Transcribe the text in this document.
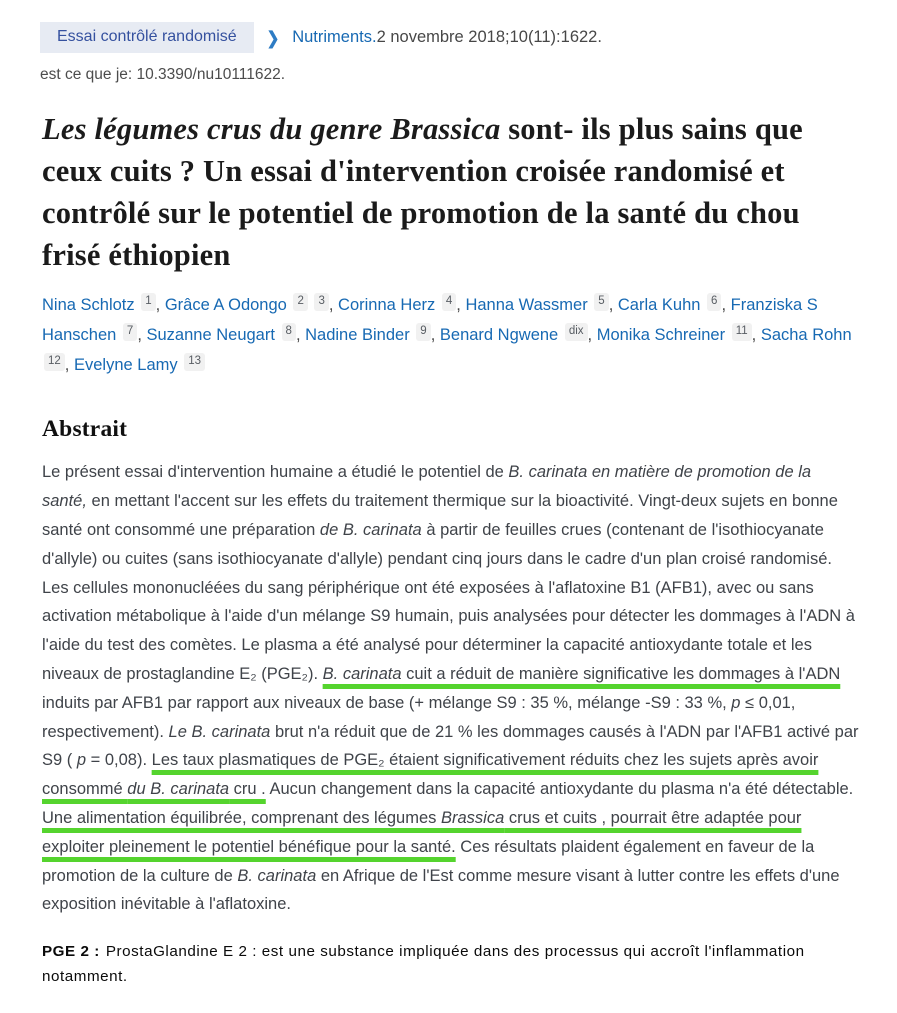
Essai contrôlé randomisé	❯ Nutriments.2 novembre 2018;10(11):1622.
est ce que je: 10.3390/nu10111622.
Les légumes crus du genre Brassica sont- ils plus sains que ceux cuits ? Un essai d'intervention croisée randomisé et contrôlé sur le potentiel de promotion de la santé du chou frisé éthiopien
Nina Schlotz $^1$ , Grâce A Odongo $^2$ $^3$ , Corinna Herz $^4$ , Hanna Wassmer $^5$ , Carla Kuhn $^6$ , Franziska S Hanschen $^7$ , Suzanne Neugart $^8$ , Nadine Binder $^9$ , Benard Ngwene $^{dix}$ , Monika Schreiner $^{11}$ , Sacha Rohn $^{12}$ , Evelyne Lamy $^{13}$
Abstrait

Le présent essai d'intervention humaine a étudié le potentiel de B. carinata en matière de promotion de la santé, en mettant l'accent sur les effets du traitement thermique sur la bioactivité. Vingt-deux sujets en bonne santé ont consommé une préparation de B. carinata à partir de feuilles crues (contenant de l'isothiocyanate d'allyle) ou cuites (sans isothiocyanate d'allyle) pendant cinq jours dans le cadre d'un plan croisé randomisé. Les cellules mononucléées du sang périphérique ont été exposées à l'aflatoxine B1 (AFB1), avec ou sans activation métabolique à l'aide d'un mélange S9 humain, puis analysées pour détecter les dommages à l'ADN à l'aide du test des comètes. Le plasma a été analysé pour déterminer la capacité antioxydante totale et les niveaux de prostaglandine E₂ (PGE₂). B. carinata cuit a réduit de manière significative les dommages à l'ADN induits par AFB1 par rapport aux niveaux de base (+ mélange S9 : 35 %, mélange -S9 : 33 %, p ≤ 0,01, respectivement). Le B. carinata brut n'a réduit que de 21 % les dommages causés à l'ADN par l'AFB1 activé par S9 ( p = 0,08). Les taux plasmatiques de PGE₂ étaient significativement réduits chez les sujets après avoir consommé du B. carinata cru . Aucun changement dans la capacité antioxydante du plasma n'a été détectable. Une alimentation équilibrée, comprenant des légumes Brassica crus et cuits , pourrait être adaptée pour exploiter pleinement le potentiel bénéfique pour la santé. Ces résultats plaident également en faveur de la promotion de la culture de B. carinata en Afrique de l'Est comme mesure visant à lutter contre les effets d'une exposition inévitable à l'aflatoxine.

PGE 2 : ProstaGlandine E 2 : est une substance impliquée dans des processus qui accroît l'inflammation notamment.
